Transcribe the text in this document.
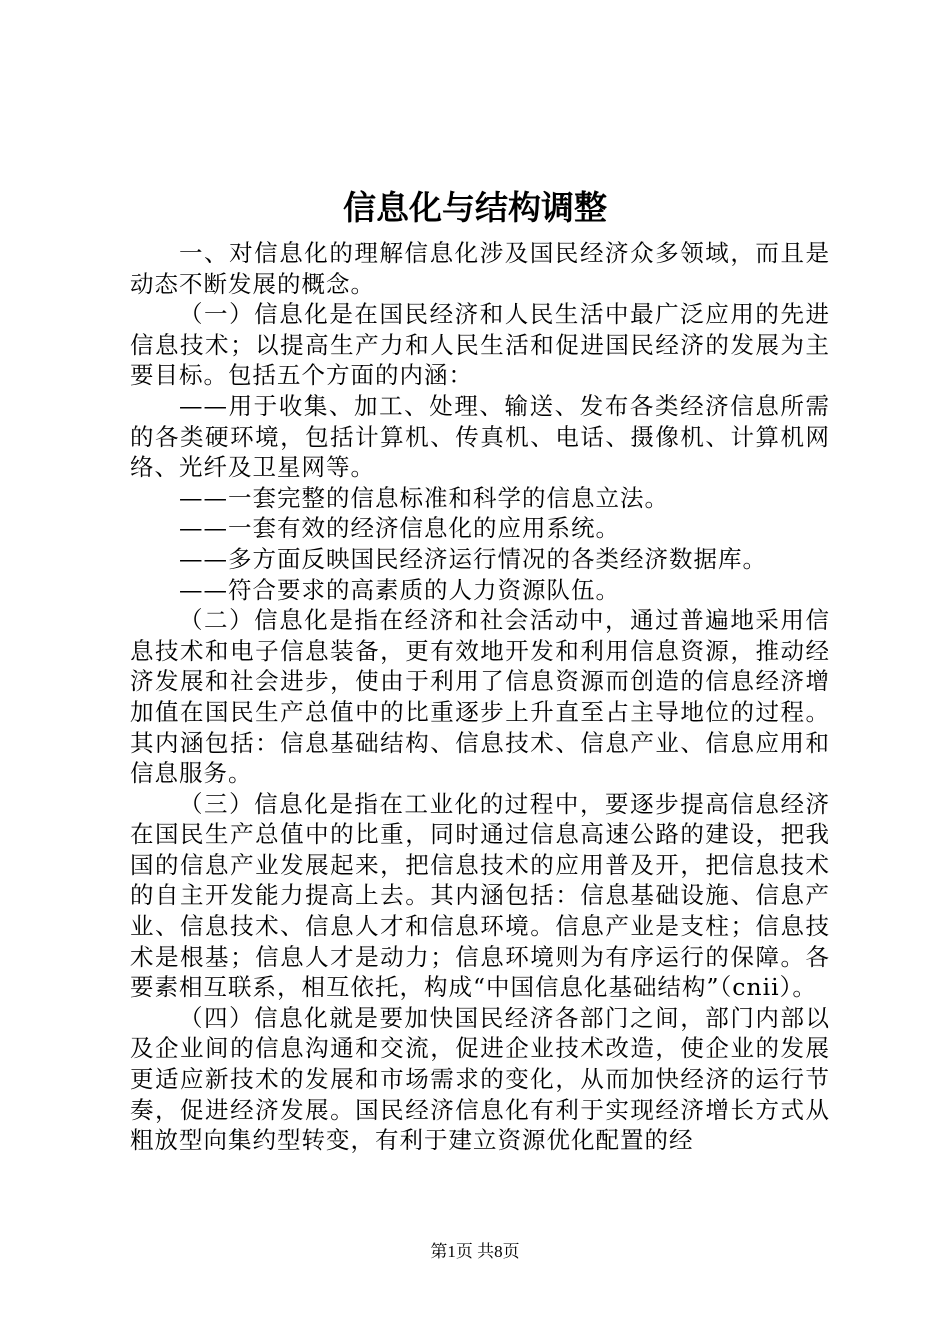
信息化与结构调整

一、对信息化的理解信息化涉及国民经济众多领域，而且是动态不断发展的概念。

（一）信息化是在国民经济和人民生活中最广泛应用的先进信息技术；以提高生产力和人民生活和促进国民经济的发展为主要目标。包括五个方面的内涵：

——用于收集、加工、处理、输送、发布各类经济信息所需的各类硬环境，包括计算机、传真机、电话、摄像机、计算机网络、光纤及卫星网等。

——一套完整的信息标准和科学的信息立法。

——一套有效的经济信息化的应用系统。

——多方面反映国民经济运行情况的各类经济数据库。

——符合要求的高素质的人力资源队伍。

（二）信息化是指在经济和社会活动中，通过普遍地采用信息技术和电子信息装备，更有效地开发和利用信息资源，推动经济发展和社会进步，使由于利用了信息资源而创造的信息经济增加值在国民生产总值中的比重逐步上升直至占主导地位的过程。其内涵包括：信息基础结构、信息技术、信息产业、信息应用和信息服务。

（三）信息化是指在工业化的过程中，要逐步提高信息经济在国民生产总值中的比重，同时通过信息高速公路的建设，把我国的信息产业发展起来，把信息技术的应用普及开，把信息技术的自主开发能力提高上去。其内涵包括：信息基础设施、信息产业、信息技术、信息人才和信息环境。信息产业是支柱；信息技术是根基；信息人才是动力；信息环境则为有序运行的保障。各要素相互联系，相互依托，构成“中国信息化基础结构”（cnii）。

（四）信息化就是要加快国民经济各部门之间，部门内部以及企业间的信息沟通和交流，促进企业技术改造，使企业的发展更适应新技术的发展和市场需求的变化，从而加快经济的运行节奏，促进经济发展。国民经济信息化有利于实现经济增长方式从粗放型向集约型转变，有利于建立资源优化配置的经

第1页 共8页
